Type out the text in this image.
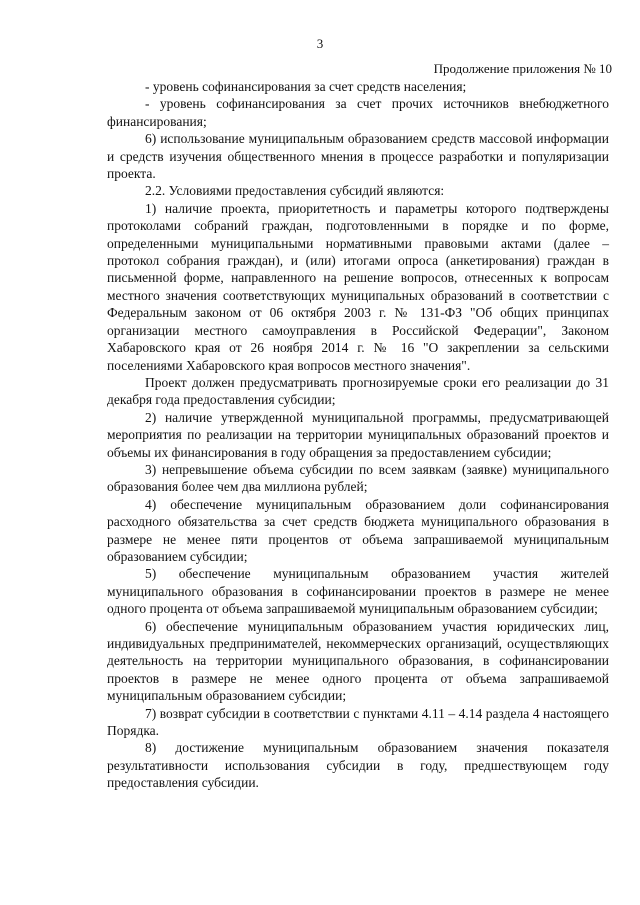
3
Продолжение приложения № 10

- уровень софинансирования за счет средств населения;

- уровень софинансирования за счет прочих источников внебюджетного финансирования;

6) использование муниципальным образованием средств массовой информации и средств изучения общественного мнения в процессе разработки и популяризации проекта.

2.2. Условиями предоставления субсидий являются:

1) наличие проекта, приоритетность и параметры которого подтверждены протоколами собраний граждан, подготовленными в порядке и по форме, определенными муниципальными нормативными правовыми актами (далее – протокол собрания граждан), и (или) итогами опроса (анкетирования) граждан в письменной форме, направленного на решение вопросов, отнесенных к вопросам местного значения соответствующих муниципальных образований в соответствии с Федеральным законом от 06 октября 2003 г. № 131-ФЗ "Об общих принципах организации местного самоуправления в Российской Федерации", Законом Хабаровского края от 26 ноября 2014 г. № 16 "О закреплении за сельскими поселениями Хабаровского края вопросов местного значения".

Проект должен предусматривать прогнозируемые сроки его реализации до 31 декабря года предоставления субсидии;

2) наличие утвержденной муниципальной программы, предусматривающей мероприятия по реализации на территории муниципальных образований проектов и объемы их финансирования в году обращения за предоставлением субсидии;

3) непревышение объема субсидии по всем заявкам (заявке) муниципального образования более чем два миллиона рублей;

4) обеспечение муниципальным образованием доли софинансирования расходного обязательства за счет средств бюджета муниципального образования в размере не менее пяти процентов от объема запрашиваемой муниципальным образованием субсидии;

5) обеспечение муниципальным образованием участия жителей муниципального образования в софинансировании проектов в размере не менее одного процента от объема запрашиваемой муниципальным образованием субсидии;

6) обеспечение муниципальным образованием участия юридических лиц, индивидуальных предпринимателей, некоммерческих организаций, осуществляющих деятельность на территории муниципального образования, в софинансировании проектов в размере не менее одного процента от объема запрашиваемой муниципальным образованием субсидии;

7) возврат субсидии в соответствии с пунктами 4.11 – 4.14 раздела 4 настоящего Порядка.

8) достижение муниципальным образованием значения показателя результативности использования субсидии в году, предшествующем году предоставления субсидии.
